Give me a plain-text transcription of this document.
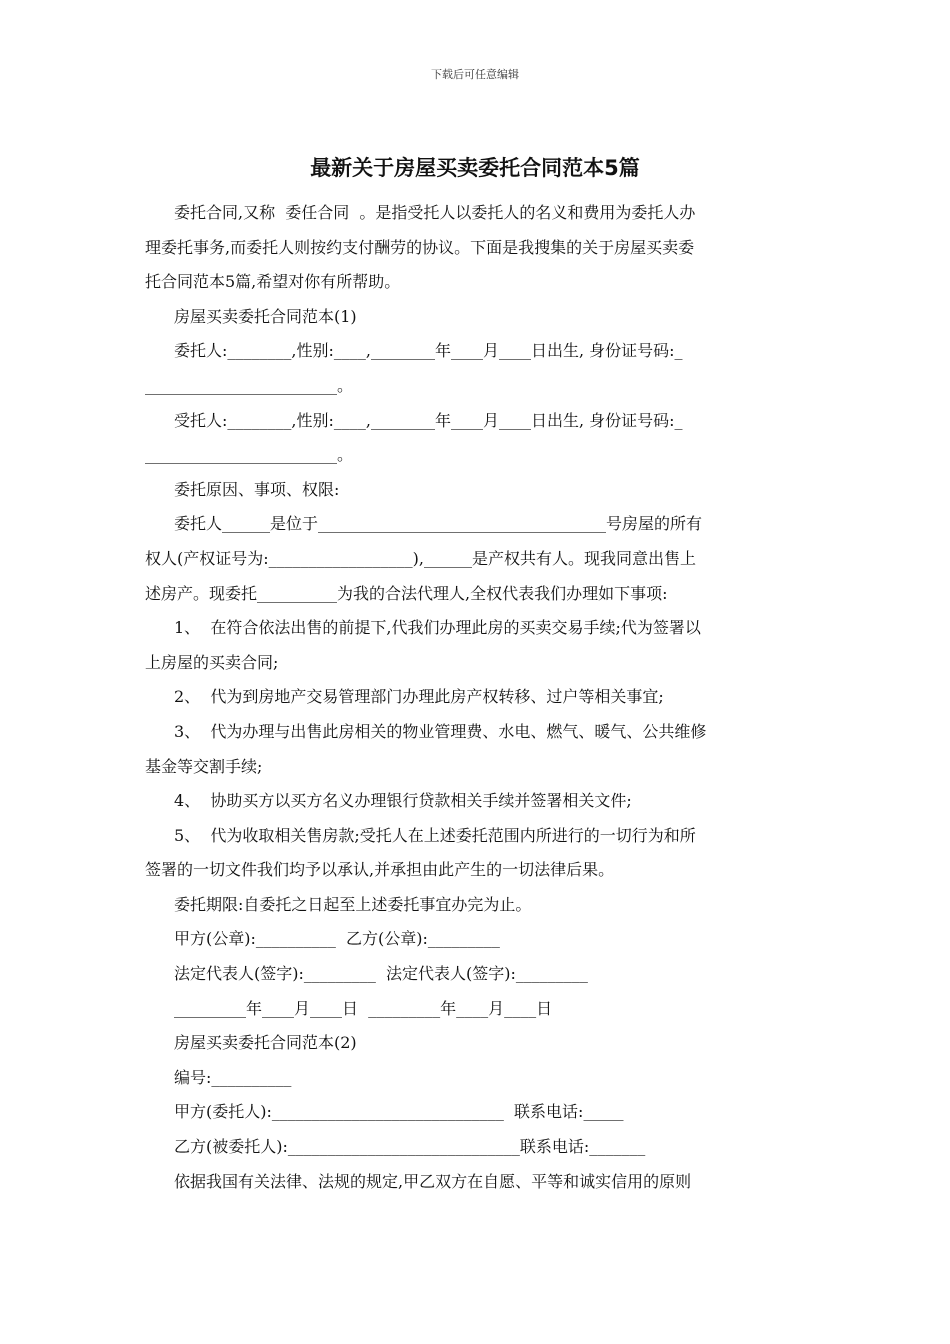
下载后可任意编辑
最新关于房屋买卖委托合同范本5篇
委托合同,又称  委任合同  。是指受托人以委托人的名义和费用为委托人办
理委托事务,而委托人则按约支付酬劳的协议。下面是我搜集的关于房屋买卖委
托合同范本5篇,希望对你有所帮助。
房屋买卖委托合同范本(1)
委托人:________,性别:____,________年____月____日出生, 身份证号码:_
________________________。
受托人:________,性别:____,________年____月____日出生, 身份证号码:_
________________________。
委托原因、事项、权限:
委托人______是位于____________________________________号房屋的所有
权人(产权证号为:__________________),______是产权共有人。现我同意出售上
述房产。现委托__________为我的合法代理人,全权代表我们办理如下事项:
1、  在符合依法出售的前提下,代我们办理此房的买卖交易手续;代为签署以
上房屋的买卖合同;
2、  代为到房地产交易管理部门办理此房产权转移、过户等相关事宜;
3、  代为办理与出售此房相关的物业管理费、水电、燃气、暖气、公共维修
基金等交割手续;
4、  协助买方以买方名义办理银行贷款相关手续并签署相关文件;
5、  代为收取相关售房款;受托人在上述委托范围内所进行的一切行为和所
签署的一切文件我们均予以承认,并承担由此产生的一切法律后果。
委托期限:自委托之日起至上述委托事宜办完为止。
甲方(公章):__________  乙方(公章):_________
法定代表人(签字):_________  法定代表人(签字):_________
_________年____月____日  _________年____月____日
房屋买卖委托合同范本(2)
编号:__________
甲方(委托人):_____________________________  联系电话:_____
乙方(被委托人):_____________________________联系电话:_______
依据我国有关法律、法规的规定,甲乙双方在自愿、平等和诚实信用的原则
